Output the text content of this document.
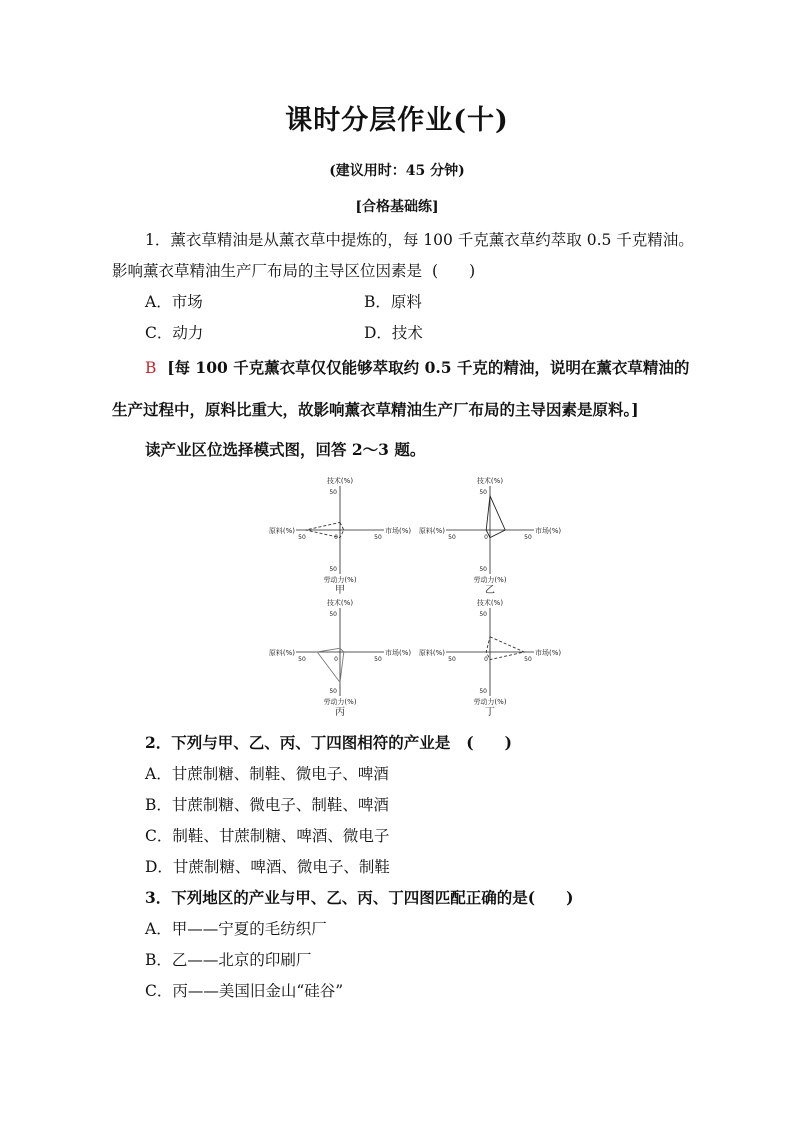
课时分层作业(十)
(建议用时：45 分钟)
[合格基础练]
1．薰衣草精油是从薰衣草中提炼的，每 100 千克薰衣草约萃取 0.5 千克精油。
影响薰衣草精油生产厂布局的主导区位因素是 (　　)
A．市场	B．原料
C．动力	D．技术
B [每 100 千克薰衣草仅仅能够萃取约 0.5 千克的精油，说明在薰衣草精油的
生产过程中，原料比重大，故影响薰衣草精油生产厂布局的主导因素是原料。]
读产业区位选择模式图，回答 2～3 题。
技术(%)
市场(%)
劳动力(%)
原料(%)
50
50
50	50
0
甲
技术(%)
市场(%)
劳动力(%)
原料(%)
50
50
50	50
0
乙
技术(%)
市场(%)
劳动力(%)
原料(%)
50
50
50	50
0
丙
技术(%)
市场(%)
劳动力(%)
原料(%)
50
50
50	50
0
丁
2．下列与甲、乙、丙、丁四图相符的产业是 (　　)
A．甘蔗制糖、制鞋、微电子、啤酒
B．甘蔗制糖、微电子、制鞋、啤酒
C．制鞋、甘蔗制糖、啤酒、微电子
D．甘蔗制糖、啤酒、微电子、制鞋
3．下列地区的产业与甲、乙、丙、丁四图匹配正确的是(　　)
A．甲——宁夏的毛纺织厂
B．乙——北京的印刷厂
C．丙——美国旧金山“硅谷”
